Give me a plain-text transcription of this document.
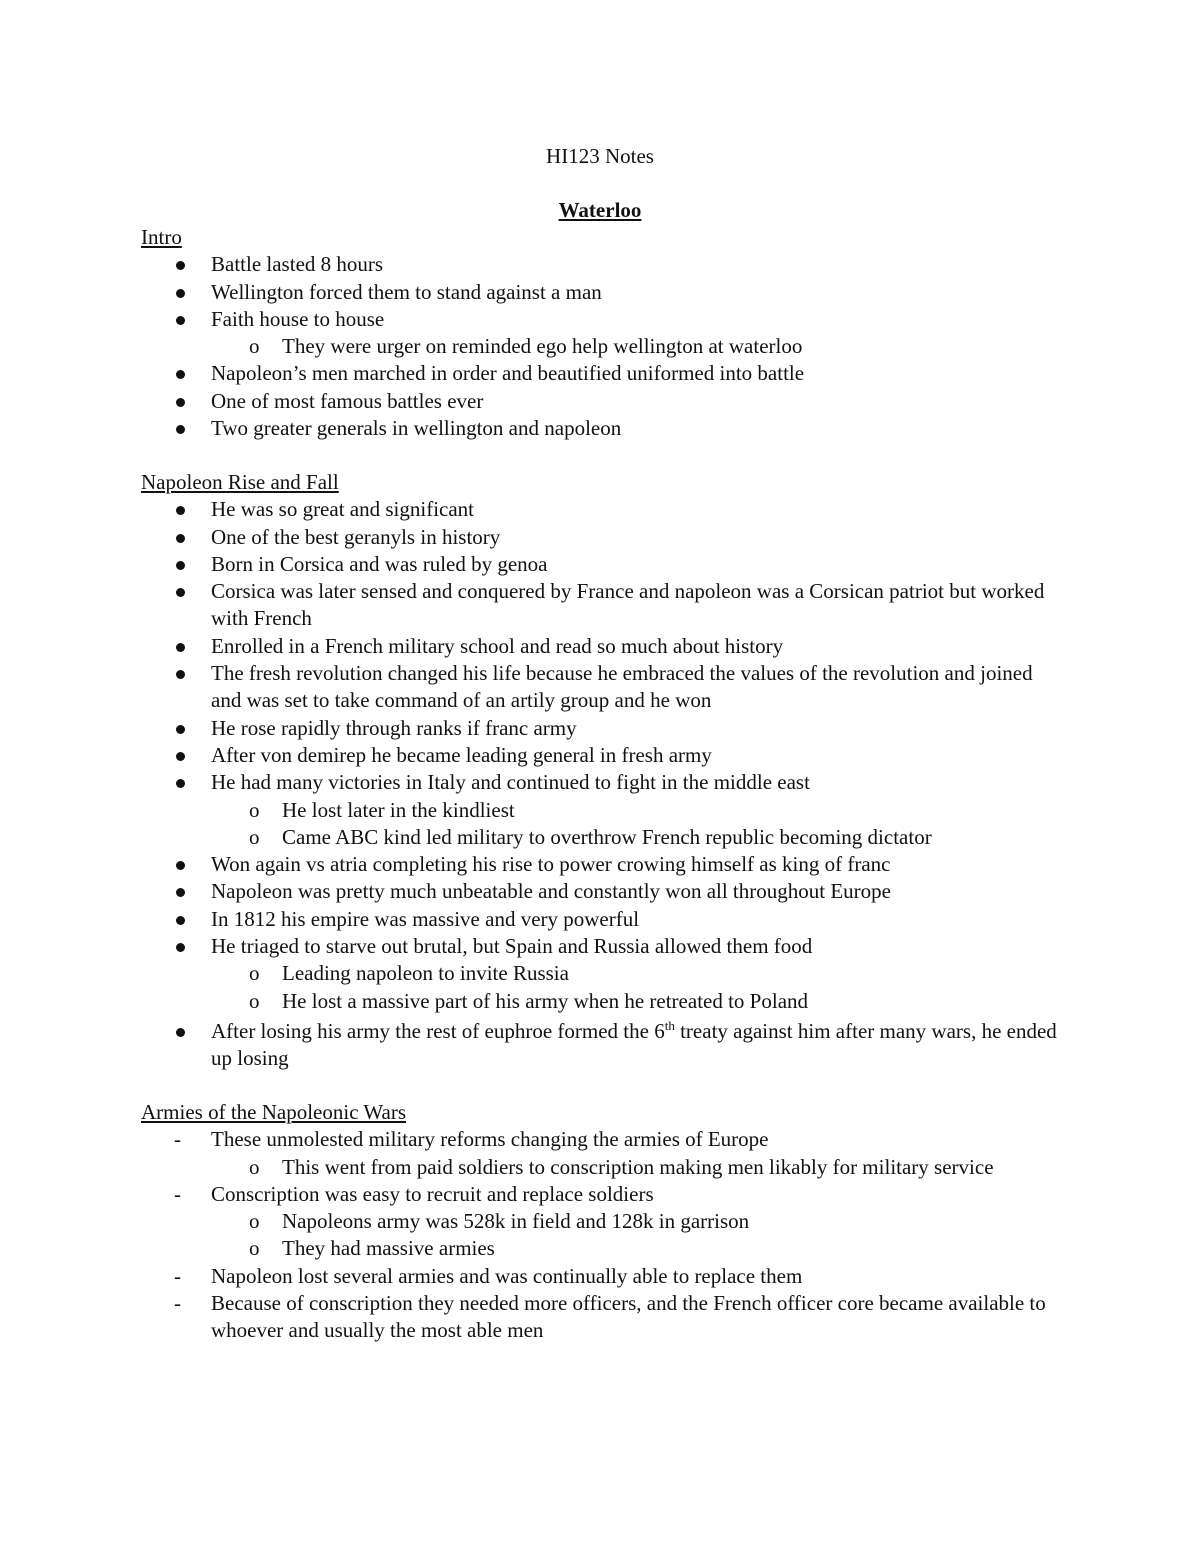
HI123 Notes
Waterloo
Intro
Battle lasted 8 hours
Wellington forced them to stand against a man
Faith house to house
o They were urger on reminded ego help wellington at waterloo
Napoleon’s men marched in order and beautified uniformed into battle
One of most famous battles ever
Two greater generals in wellington and napoleon
Napoleon Rise and Fall
He was so great and significant
One of the best geranyls in history
Born in Corsica and was ruled by genoa
Corsica was later sensed and conquered by France and napoleon was a Corsican patriot but worked with French
Enrolled in a French military school and read so much about history
The fresh revolution changed his life because he embraced the values of the revolution and joined and was set to take command of an artily group and he won
He rose rapidly through ranks if franc army
After von demirep he became leading general in fresh army
He had many victories in Italy and continued to fight in the middle east
o He lost later in the kindliest
o Came ABC kind led military to overthrow French republic becoming dictator
Won again vs atria completing his rise to power crowing himself as king of franc
Napoleon was pretty much unbeatable and constantly won all throughout Europe
In 1812 his empire was massive and very powerful
He triaged to starve out brutal, but Spain and Russia allowed them food
o Leading napoleon to invite Russia
o He lost a massive part of his army when he retreated to Poland
After losing his army the rest of euphroe formed the 6th treaty against him after many wars, he ended up losing
Armies of the Napoleonic Wars
- These unmolested military reforms changing the armies of Europe
o This went from paid soldiers to conscription making men likably for military service
- Conscription was easy to recruit and replace soldiers
o Napoleons army was 528k in field and 128k in garrison
o They had massive armies
- Napoleon lost several armies and was continually able to replace them
- Because of conscription they needed more officers, and the French officer core became available to whoever and usually the most able men
